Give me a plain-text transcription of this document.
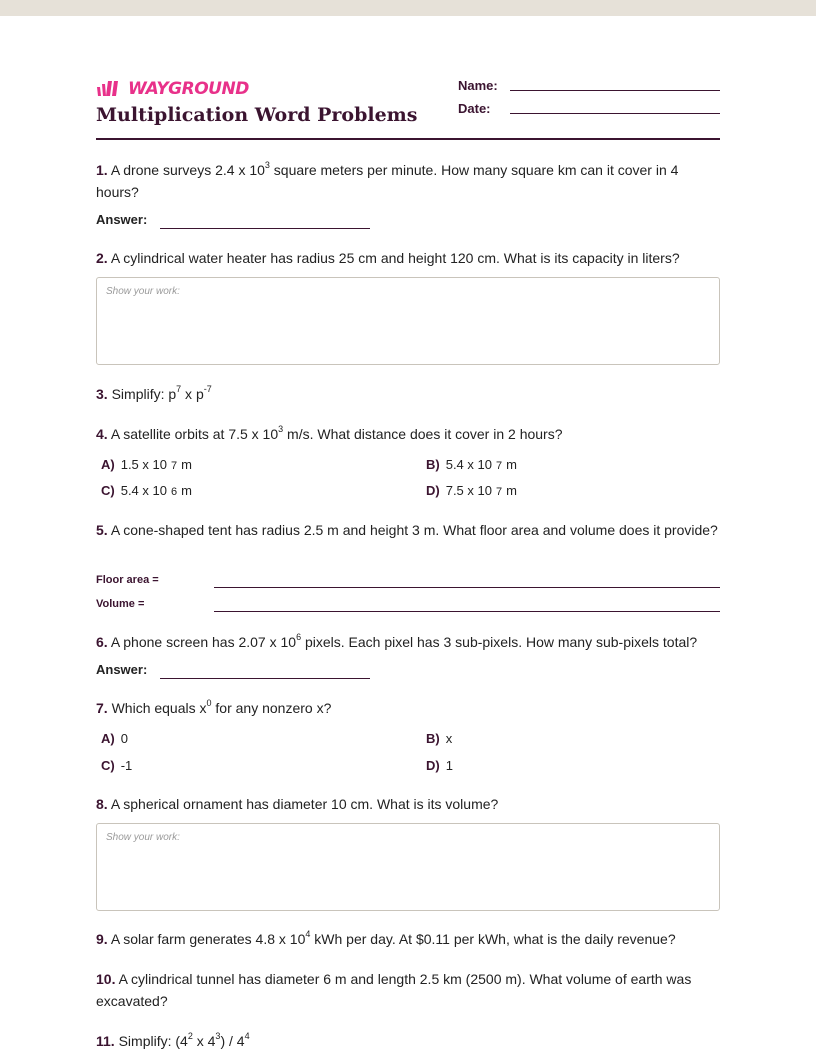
WAYGROUND
Multiplication Word Problems
Name:
Date:
1. A drone surveys 2.4 x $10^3$ square meters per minute. How many square km can it cover in 4 hours?
Answer:
2. A cylindrical water heater has radius 25 cm and height 120 cm. What is its capacity in liters?
Show your work:
3. Simplify: $p^7$ x $p^{-7}$
4. A satellite orbits at 7.5 x $10^3$ m/s. What distance does it cover in 2 hours?
A) 1.5 x 10 7 m	B) 5.4 x 10 7 m
C) 5.4 x 10 6 m	D) 7.5 x 10 7 m
5. A cone-shaped tent has radius 2.5 m and height 3 m. What floor area and volume does it provide?
Floor area =
Volume =
6. A phone screen has 2.07 x $10^6$ pixels. Each pixel has 3 sub-pixels. How many sub-pixels total?
Answer:
7. Which equals $x^0$ for any nonzero x?
A) 0	B) x
C) -1	D) 1
8. A spherical ornament has diameter 10 cm. What is its volume?
Show your work:
9. A solar farm generates 4.8 x $10^4$ kWh per day. At $0.11 per kWh, what is the daily revenue?
10. A cylindrical tunnel has diameter 6 m and length 2.5 km (2500 m). What volume of earth was excavated?
11. Simplify: ($4^2$ x $4^3) / 4^4$
